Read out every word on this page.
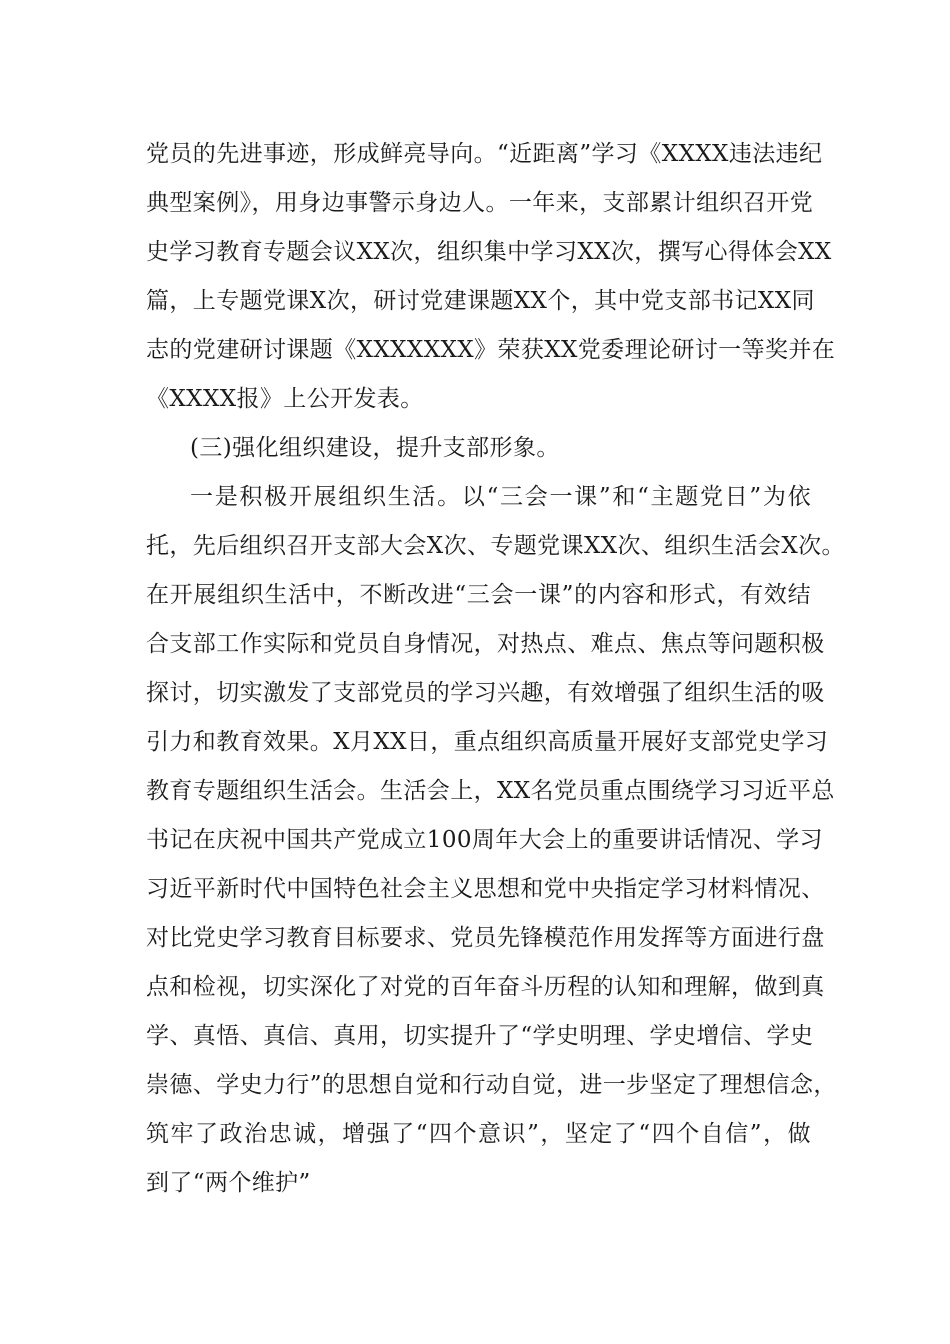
党员的先进事迹，形成鲜亮导向。“近距离”学习《XXXX违法违纪
典型案例》，用身边事警示身边人。一年来，支部累计组织召开党
史学习教育专题会议XX次，组织集中学习XX次，撰写心得体会XX
篇，上专题党课X次，研讨党建课题XX个，其中党支部书记XX同
志的党建研讨课题《XXXXXXX》荣获XX党委理论研讨一等奖并在
《XXXX报》上公开发表。
(三)强化组织建设，提升支部形象。
一是积极开展组织生活。以“三会一课”和“主题党日”为依
托，先后组织召开支部大会X次、专题党课XX次、组织生活会X次。
在开展组织生活中，不断改进“三会一课”的内容和形式，有效结
合支部工作实际和党员自身情况，对热点、难点、焦点等问题积极
探讨，切实激发了支部党员的学习兴趣，有效增强了组织生活的吸
引力和教育效果。X月XX日，重点组织高质量开展好支部党史学习
教育专题组织生活会。生活会上，XX名党员重点围绕学习习近平总
书记在庆祝中国共产党成立100周年大会上的重要讲话情况、学习
习近平新时代中国特色社会主义思想和党中央指定学习材料情况、
对比党史学习教育目标要求、党员先锋模范作用发挥等方面进行盘
点和检视，切实深化了对党的百年奋斗历程的认知和理解，做到真
学、真悟、真信、真用，切实提升了“学史明理、学史增信、学史
崇德、学史力行”的思想自觉和行动自觉，进一步坚定了理想信念，
筑牢了政治忠诚，增强了“四个意识”，坚定了“四个自信”，做
到了“两个维护”
